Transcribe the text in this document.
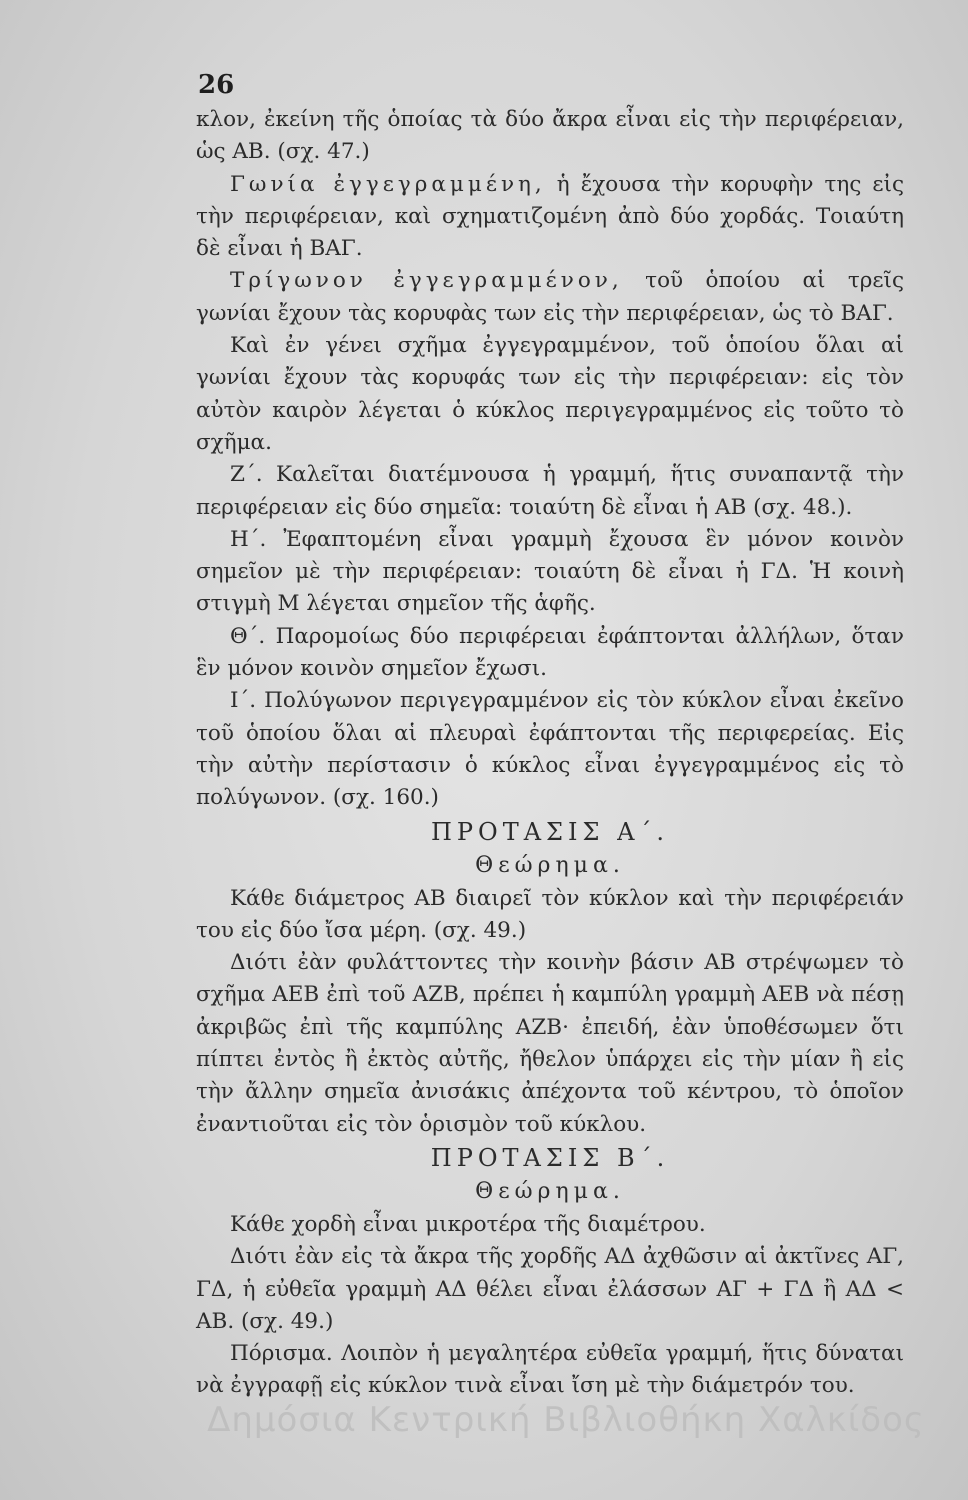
26

κλον, ἐκείνη τῆς ὁποίας τὰ δύο ἄκρα εἶναι εἰς τὴν περιφέρειαν, ὡς ΑΒ. (σχ. 47.)

Γωνία ἐγγεγραμμένη, ἡ ἔχουσα τὴν κορυφὴν της εἰς τὴν περιφέρειαν, καὶ σχηματιζομένη ἀπὸ δύο χορδάς. Τοιαύτη δὲ εἶναι ἡ ΒΑΓ.

Τρίγωνον ἐγγεγραμμένον, τοῦ ὁποίου αἱ τρεῖς γωνίαι ἔχουν τὰς κορυφὰς των εἰς τὴν περιφέρειαν, ὡς τὸ ΒΑΓ.

Καὶ ἐν γένει σχῆμα ἐγγεγραμμένον, τοῦ ὁποίου ὅλαι αἱ γωνίαι ἔχουν τὰς κορυφάς των εἰς τὴν περιφέρειαν: εἰς τὸν αὐτὸν καιρὸν λέγεται ὁ κύκλος περιγεγραμμένος εἰς τοῦτο τὸ σχῆμα.

Ζ΄. Καλεῖται διατέμνουσα ἡ γραμμή, ἥτις συναπαντᾷ τὴν περιφέρειαν εἰς δύο σημεῖα: τοιαύτη δὲ εἶναι ἡ ΑΒ (σχ. 48.).

Η΄. Ἐφαπτομένη εἶναι γραμμὴ ἔχουσα ἓν μόνον κοινὸν σημεῖον μὲ τὴν περιφέρειαν: τοιαύτη δὲ εἶναι ἡ ΓΔ. Ἡ κοινὴ στιγμὴ Μ λέγεται σημεῖον τῆς ἁφῆς.

Θ΄. Παρομοίως δύο περιφέρειαι ἐφάπτονται ἀλλήλων, ὅταν ἓν μόνον κοινὸν σημεῖον ἔχωσι.

Ι΄. Πολύγωνον περιγεγραμμένον εἰς τὸν κύκλον εἶναι ἐκεῖνο τοῦ ὁποίου ὅλαι αἱ πλευραὶ ἐφάπτονται τῆς περιφερείας. Εἰς τὴν αὐτὴν περίστασιν ὁ κύκλος εἶναι ἐγγεγραμμένος εἰς τὸ πολύγωνον. (σχ. 160.)

ΠΡΟΤΑΣΙΣ Α΄.

Θεώρημα.

Κάθε διάμετρος ΑΒ διαιρεῖ τὸν κύκλον καὶ τὴν περιφέρειάν του εἰς δύο ἴσα μέρη. (σχ. 49.)

Διότι ἐὰν φυλάττοντες τὴν κοινὴν βάσιν ΑΒ στρέψωμεν τὸ σχῆμα ΑΕΒ ἐπὶ τοῦ ΑΖΒ, πρέπει ἡ καμπύλη γραμμὴ ΑΕΒ νὰ πέσῃ ἀκριβῶς ἐπὶ τῆς καμπύλης ΑΖΒ· ἐπειδή, ἐὰν ὑποθέσωμεν ὅτι πίπτει ἐντὸς ἢ ἐκτὸς αὐτῆς, ἤθελον ὑπάρχει εἰς τὴν μίαν ἢ εἰς τὴν ἄλλην σημεῖα ἀνισάκις ἀπέχοντα τοῦ κέντρου, τὸ ὁποῖον ἐναντιοῦται εἰς τὸν ὁρισμὸν τοῦ κύκλου.

ΠΡΟΤΑΣΙΣ Β΄.

Θεώρημα.

Κάθε χορδὴ εἶναι μικροτέρα τῆς διαμέτρου.

Διότι ἐὰν εἰς τὰ ἄκρα τῆς χορδῆς ΑΔ ἀχθῶσιν αἱ ἀκτῖνες ΑΓ, ΓΔ, ἡ εὐθεῖα γραμμὴ ΑΔ θέλει εἶναι ἐλάσσων ΑΓ + ΓΔ ἢ ΑΔ < ΑΒ. (σχ. 49.)

Πόρισμα. Λοιπὸν ἡ μεγαλητέρα εὐθεῖα γραμμή, ἥτις δύναται νὰ ἐγγραφῇ εἰς κύκλον τινὰ εἶναι ἴση μὲ τὴν διάμετρόν του.

Δημόσια Κεντρική Βιβλιοθήκη Χαλκίδος
